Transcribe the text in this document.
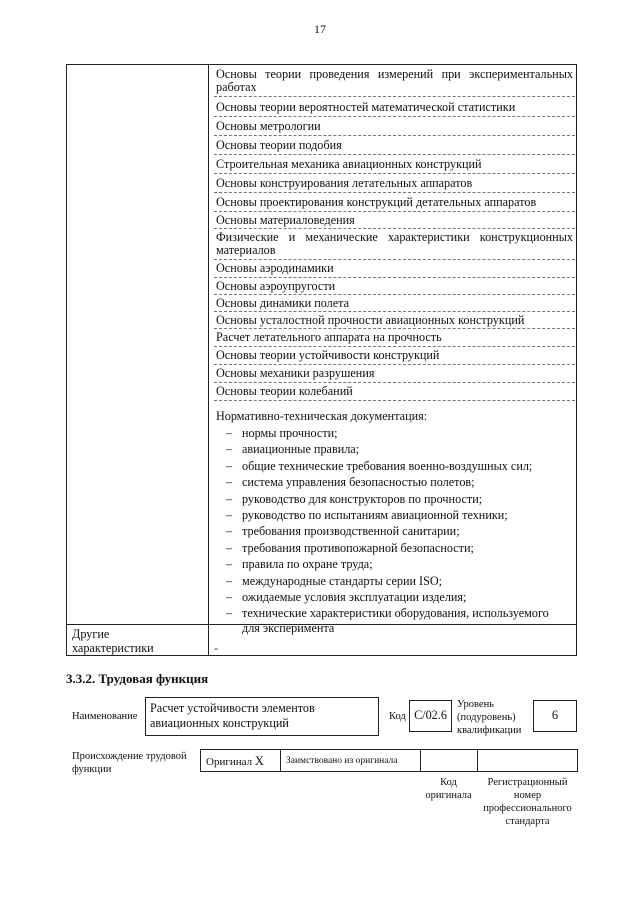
17
Основы теории проведения измерений при экспериментальных
работах
Основы теории вероятностей математической статистики
Основы метрологии
Основы теории подобия
Строительная механика авиационных конструкций
Основы конструирования летательных аппаратов
Основы проектирования конструкций детательных аппаратов
Основы материаловедения
Физические и механические характеристики конструкционных
материалов
Основы аэродинамики
Основы аэроупругости
Основы динамики полета
Основы усталостной прочности авиационных конструкций
Расчет летательного аппарата на прочность
Основы теории устойчивости конструкций
Основы механики разрушения
Основы теории колебаний
Нормативно-техническая документация:
– нормы прочности;
– авиационные правила;
– общие технические требования военно-воздушных сил;
– система управления безопасностью полетов;
– руководство для конструкторов по прочности;
– руководство по испытаниям авиационной техники;
– требования производственной санитарии;
– требования противопожарной безопасности;
– правила по охране труда;
– международные стандарты серии ISO;
– ожидаемые условия эксплуатации изделия;
– технические характеристики оборудования, используемого
для эксперимента
Другие
характеристики	-
3.3.2. Трудовая функция
Наименование
Расчет устойчивости элементов
авиационных конструкций	Код С/02.6
Уровень
(подуровень)
квалификации
6
Происхождение трудовой
функции
Оригинал X Заимствовано из оригинала
Код
оригинала
Регистрационный
номер
профессионального
стандарта
